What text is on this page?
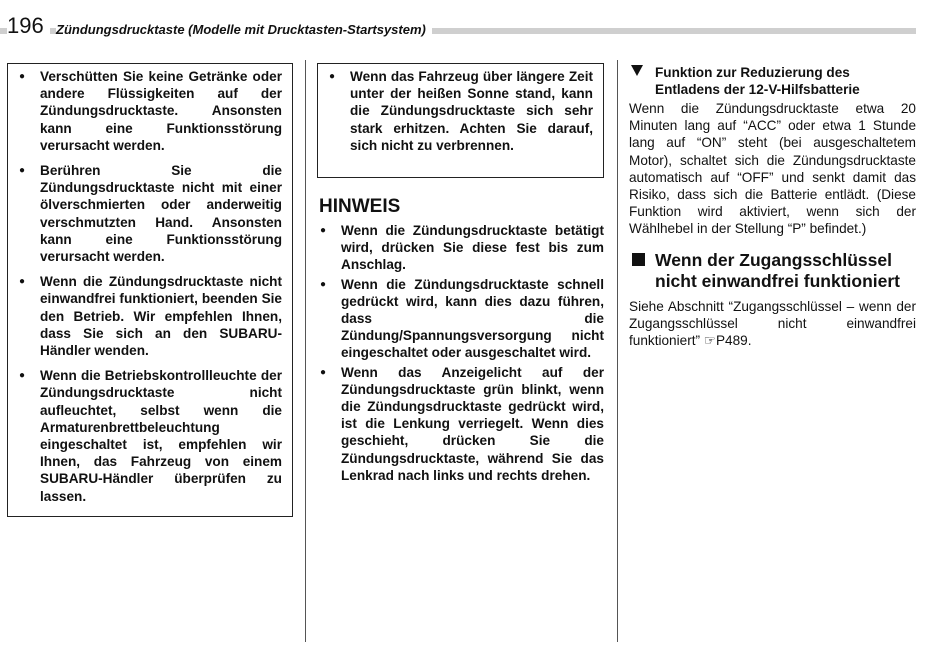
196 Zündungsdrucktaste (Modelle mit Drucktasten-Startsystem)
● Verschütten Sie keine Getränke oder andere Flüssigkeiten auf der Zündungsdrucktaste. Ansonsten kann eine Funktionsstörung verursacht werden.
● Berühren Sie die Zündungsdrucktaste nicht mit einer ölverschmierten oder anderweitig verschmutzten Hand. Ansonsten kann eine Funktionsstörung verursacht werden.
● Wenn die Zündungsdrucktaste nicht einwandfrei funktioniert, beenden Sie den Betrieb. Wir empfehlen Ihnen, dass Sie sich an den SUBARU-Händler wenden.
● Wenn die Betriebskontrollleuchte der Zündungsdrucktaste nicht aufleuchtet, selbst wenn die Armaturenbrettbeleuchtung eingeschaltet ist, empfehlen wir Ihnen, das Fahrzeug von einem SUBARU-Händler überprüfen zu lassen.
● Wenn das Fahrzeug über längere Zeit unter der heißen Sonne stand, kann die Zündungsdrucktaste sich sehr stark erhitzen. Achten Sie darauf, sich nicht zu verbrennen.
HINWEIS
● Wenn die Zündungsdrucktaste betätigt wird, drücken Sie diese fest bis zum Anschlag.
● Wenn die Zündungsdrucktaste schnell gedrückt wird, kann dies dazu führen, dass die Zündung/Spannungsversorgung nicht eingeschaltet oder ausgeschaltet wird.
● Wenn das Anzeigelicht auf der Zündungsdrucktaste grün blinkt, wenn die Zündungsdrucktaste gedrückt wird, ist die Lenkung verriegelt. Wenn dies geschieht, drücken Sie die Zündungsdrucktaste, während Sie das Lenkrad nach links und rechts drehen.
Funktion zur Reduzierung des Entladens der 12-V-Hilfsbatterie
Wenn die Zündungsdrucktaste etwa 20 Minuten lang auf “ACC” oder etwa 1 Stunde lang auf “ON” steht (bei ausgeschaltetem Motor), schaltet sich die Zündungsdrucktaste automatisch auf “OFF” und senkt damit das Risiko, dass sich die Batterie entlädt. (Diese Funktion wird aktiviert, wenn sich der Wählhebel in der Stellung “P” befindet.)
Wenn der Zugangsschlüssel nicht einwandfrei funktioniert
Siehe Abschnitt “Zugangsschlüssel – wenn der Zugangsschlüssel nicht einwandfrei funktioniert” ☞P489.
